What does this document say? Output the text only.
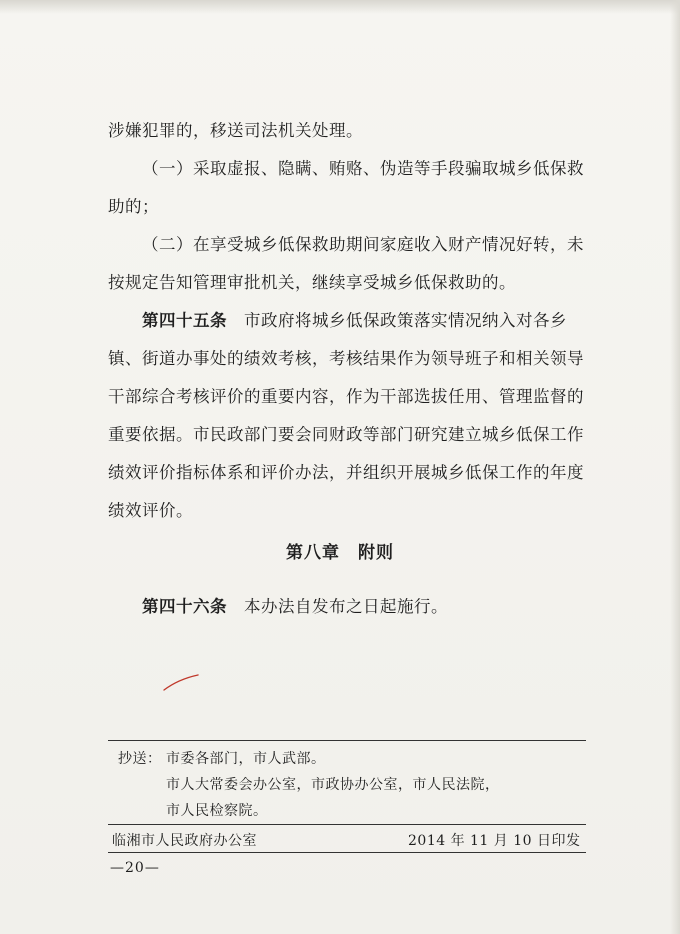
涉嫌犯罪的，移送司法机关处理。
（一）采取虚报、隐瞒、贿赂、伪造等手段骗取城乡低保救
助的；
（二）在享受城乡低保救助期间家庭收入财产情况好转，未
按规定告知管理审批机关，继续享受城乡低保救助的。
第四十五条　 市政府将城乡低保政策落实情况纳入对各乡
镇、街道办事处的绩效考核，考核结果作为领导班子和相关领导
干部综合考核评价的重要内容，作为干部选拔任用、管理监督的
重要依据。市民政部门要会同财政等部门研究建立城乡低保工作
绩效评价指标体系和评价办法，并组织开展城乡低保工作的年度
绩效评价。
第八章　附则
第四十六条　 本办法自发布之日起施行。
抄送： 市委各部门，市人武部。
市人大常委会办公室，市政协办公室，市人民法院，
市人民检察院。
临湘市人民政府办公室	2014 年 11 月 10 日印发
—20—
